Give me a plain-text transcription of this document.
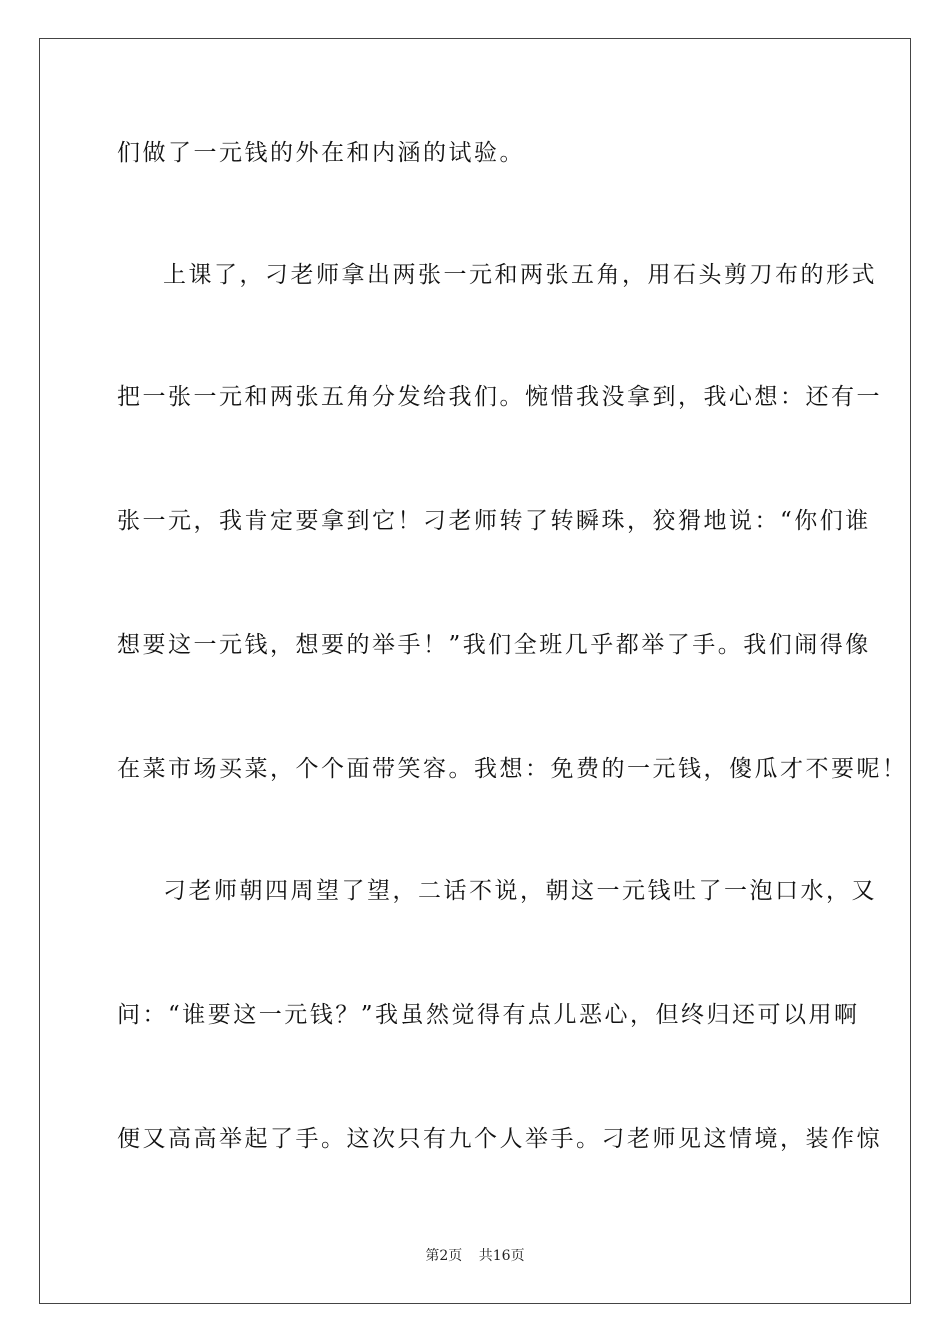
们做了一元钱的外在和内涵的试验。
上课了，刁老师拿出两张一元和两张五角，用石头剪刀布的形式
把一张一元和两张五角分发给我们。惋惜我没拿到，我心想：还有一
张一元，我肯定要拿到它！刁老师转了转瞬珠，狡猾地说：“你们谁
想要这一元钱，想要的举手！”我们全班几乎都举了手。我们闹得像
在菜市场买菜，个个面带笑容。我想：免费的一元钱，傻瓜才不要呢！
刁老师朝四周望了望，二话不说，朝这一元钱吐了一泡口水，又
问：“谁要这一元钱？”我虽然觉得有点儿恶心，但终归还可以用啊
便又高高举起了手。这次只有九个人举手。刁老师见这情境，装作惊
第2页 共16页
